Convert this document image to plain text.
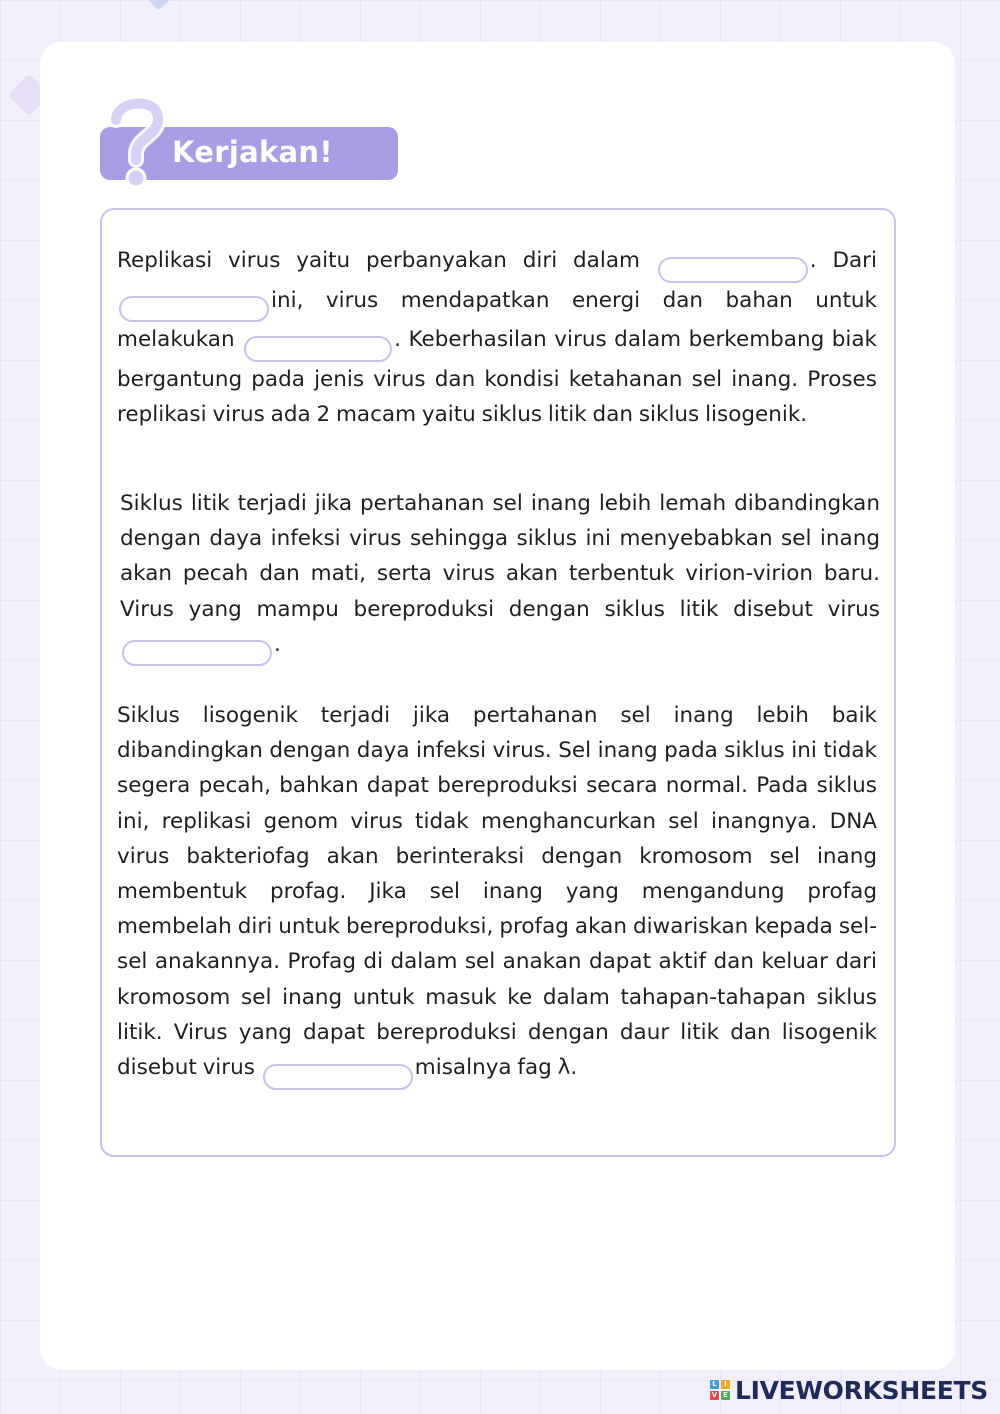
Kerjakan!

Replikasi virus yaitu perbanyakan diri dalam	. Dari ini, virus mendapatkan energi dan bahan untuk melakukan	. Keberhasilan virus dalam berkembang biak bergantung pada jenis virus dan kondisi ketahanan sel inang. Proses replikasi virus ada 2 macam yaitu siklus litik dan siklus lisogenik.

Siklus litik terjadi jika pertahanan sel inang lebih lemah dibandingkan dengan daya infeksi virus sehingga siklus ini menyebabkan sel inang akan pecah dan mati, serta virus akan terbentuk virion-virion baru. Virus yang mampu bereproduksi dengan siklus litik disebut virus .

Siklus lisogenik terjadi jika pertahanan sel inang lebih baik dibandingkan dengan daya infeksi virus. Sel inang pada siklus ini tidak segera pecah, bahkan dapat bereproduksi secara normal. Pada siklus ini, replikasi genom virus tidak menghancurkan sel inangnya. DNA virus bakteriofag akan berinteraksi dengan kromosom sel inang membentuk profag. Jika sel inang yang mengandung profag membelah diri untuk bereproduksi, profag akan diwariskan kepada sel-sel anakannya. Profag di dalam sel anakan dapat aktif dan keluar dari kromosom sel inang untuk masuk ke dalam tahapan-tahapan siklus litik. Virus yang dapat bereproduksi dengan daur litik dan lisogenik disebut virus	misalnya fag λ.

L	I
V E LIVEWORKSHEETS
